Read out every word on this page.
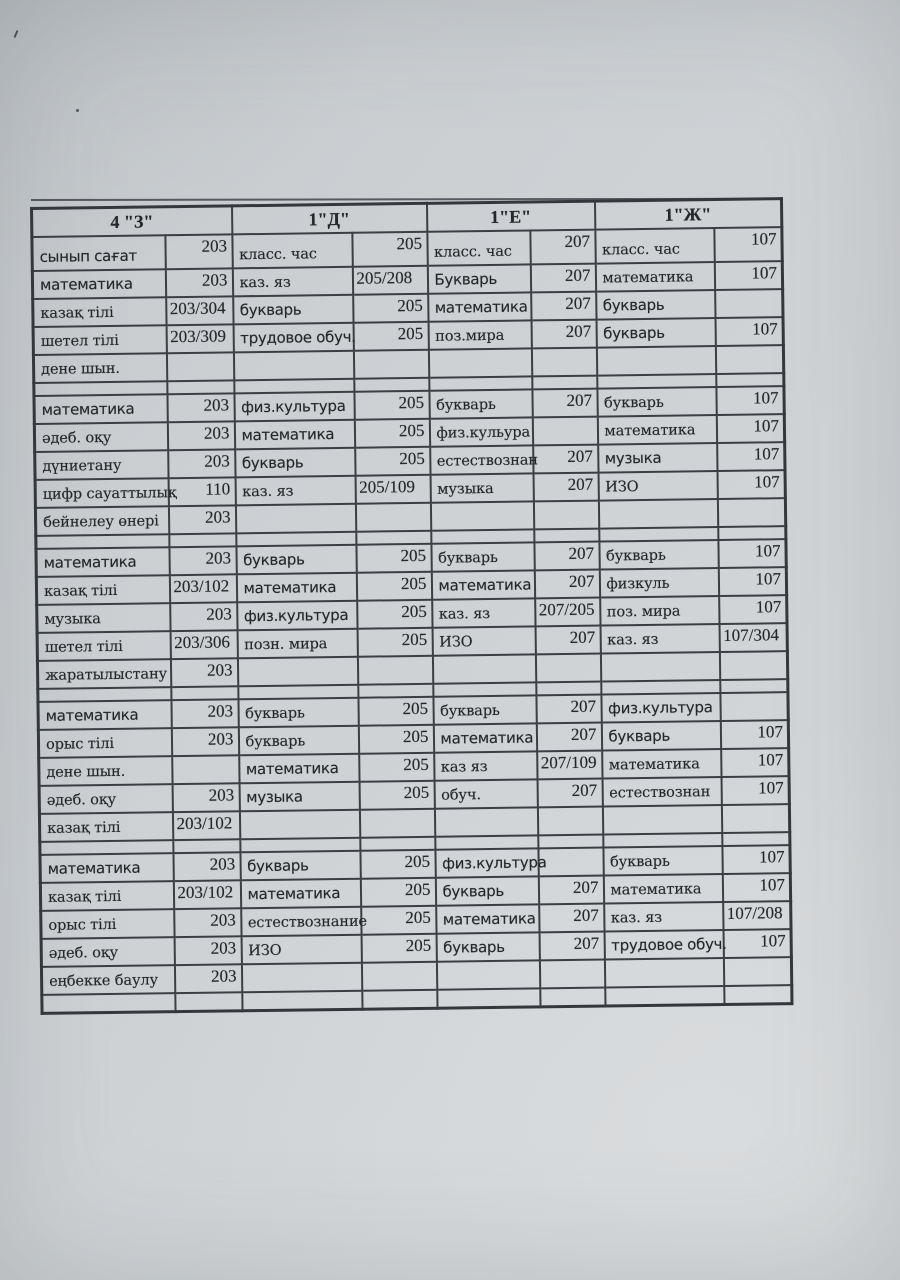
4 "З"		1"Д"		1"Е"		1"Ж"	
сынып сағат	203	класс. час	205	класс. час	207	класс. час	107
математика	203	каз. яз	205/208	Букварь	207	математика	107
казақ тілі	203/304	букварь	205	математика	207	букварь	
шетел тілі	203/309	трудовое обуч.	205	поз.мира	207	букварь	107
дене шын.							

математика	203	физ.культура	205	букварь	207	букварь	107
әдеб. оқу	203	математика	205	физ.кульура		математика	107
дүниетану	203	букварь	205	естествознан	207	музыка	107
цифр сауаттылық	110	каз. яз	205/109	музыка	207	ИЗО	107
бейнелеу өнері	203						

математика	203	букварь	205	букварь	207	букварь	107
казақ тілі	203/102	математика	205	математика	207	физкуль	107
музыка	203	физ.культура	205	каз. яз	207/205	поз. мира	107
шетел тілі	203/306	позн. мира	205	ИЗО	207	каз. яз	107/304
жаратылыстану	203						

математика	203	букварь	205	букварь	207	физ.культура	
орыс тілі	203	букварь	205	математика	207	букварь	107
дене шын.		математика	205	каз яз	207/109	математика	107
әдеб. оқу	203	музыка	205	обуч.	207	естествознан	107
казақ тілі	203/102						

математика	203	букварь	205	физ.культура		букварь	107
казақ тілі	203/102	математика	205	букварь	207	математика	107
орыс тілі	203	естествознание	205	математика	207	каз. яз	107/208
әдеб. оқу	203	ИЗО	205	букварь	207	трудовое обуч.	107
еңбекке баулу	203						
